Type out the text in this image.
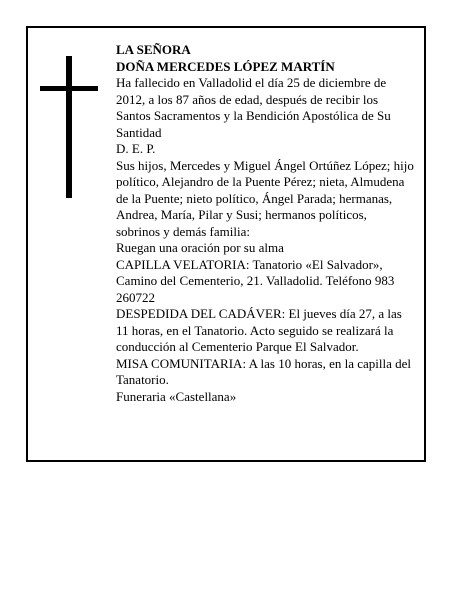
LA SEÑORA

DOÑA MERCEDES LÓPEZ MARTÍN

Ha fallecido en Valladolid el día 25 de diciembre de 2012, a los 87 años de edad, después de recibir los Santos Sacramentos y la Bendición Apostólica de Su Santidad

D. E. P.

Sus hijos, Mercedes y Miguel Ángel Ortúñez López; hijo político, Alejandro de la Puente Pérez; nieta, Almudena de la Puente; nieto político, Ángel Parada; hermanas, Andrea, María, Pilar y Susi; hermanos políticos, sobrinos y demás familia:

Ruegan una oración por su alma

CAPILLA VELATORIA: Tanatorio «El Salvador», Camino del Cementerio, 21. Valladolid. Teléfono 983 260722

DESPEDIDA DEL CADÁVER: El jueves día 27, a las 11 horas, en el Tanatorio. Acto seguido se realizará la conducción al Cementerio Parque El Salvador.

MISA COMUNITARIA: A las 10 horas, en la capilla del Tanatorio.

Funeraria «Castellana»
